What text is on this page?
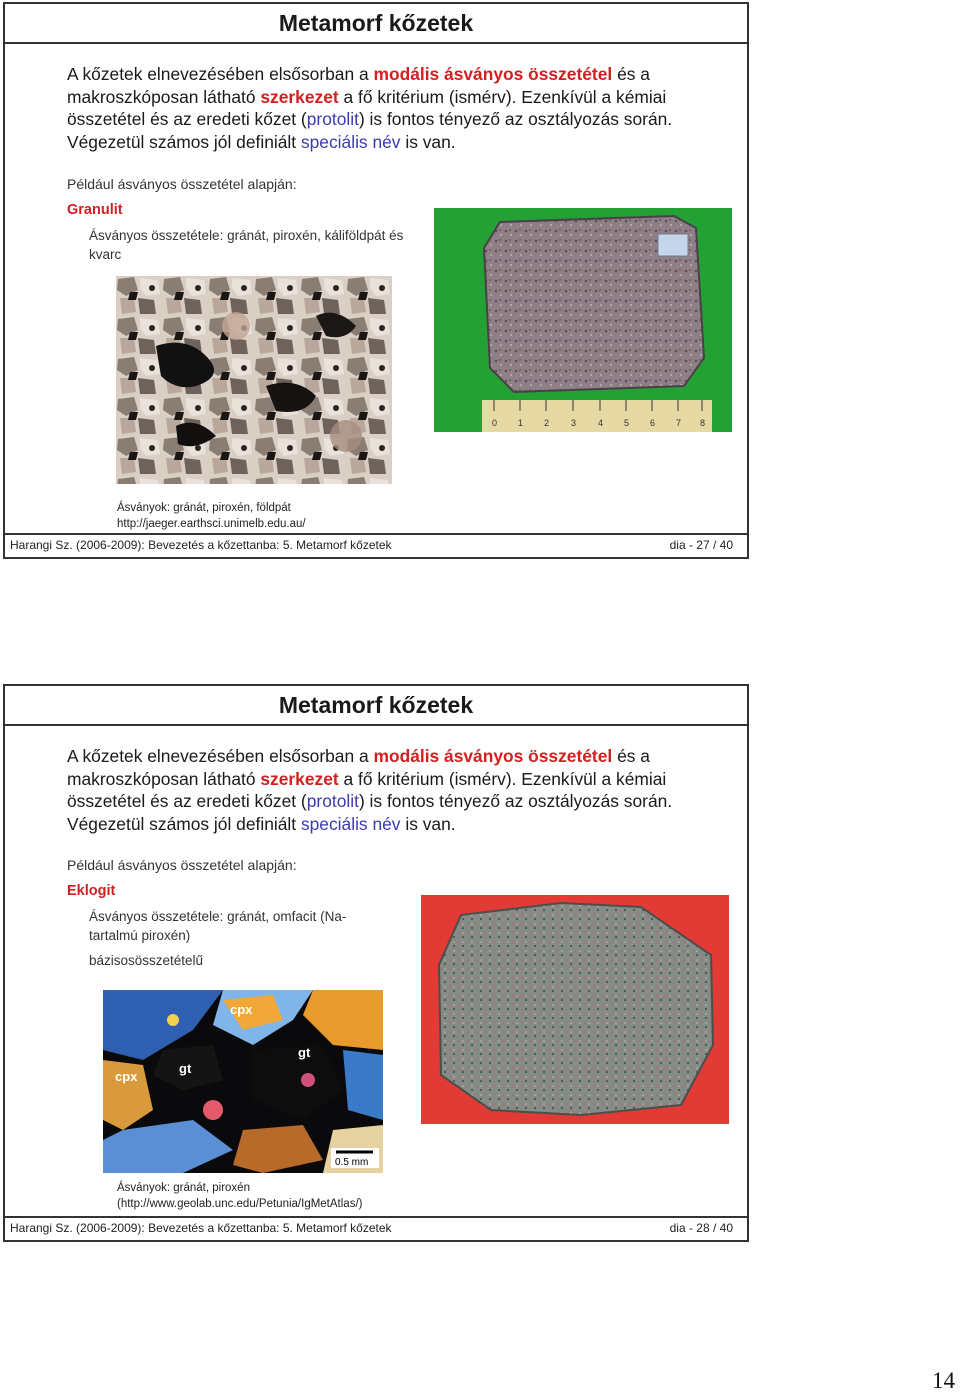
Metamorf kőzetek
A kőzetek elnevezésében elsősorban a modális ásványos összetétel és a makroszkóposan látható szerkezet a fő kritérium (ismérv). Ezenkívül a kémiai összetétel és az eredeti kőzet (protolit) is fontos tényező az osztályozás során. Végezetül számos jól definiált speciális név is van.
Például ásványos összetétel alapján:
Granulit
Ásványos összetétele: gránát, piroxén, káliföldpát és kvarc
0 1 2 3 4 5 6 7 8
Ásványok: gránát, piroxén, földpát
http://jaeger.earthsci.unimelb.edu.au/
Harangi Sz. (2006-2009): Bevezetés a kőzettanba: 5. Metamorf kőzetek	dia - 27 / 40
Metamorf kőzetek
A kőzetek elnevezésében elsősorban a modális ásványos összetétel és a makroszkóposan látható szerkezet a fő kritérium (ismérv). Ezenkívül a kémiai összetétel és az eredeti kőzet (protolit) is fontos tényező az osztályozás során. Végezetül számos jól definiált speciális név is van.
Például ásványos összetétel alapján:
Eklogit
Ásványos összetétele: gránát, omfacit (Na-tartalmú piroxén)
bázisosösszetételű
cpx
gt
gt
cpx
0.5 mm
Ásványok: gránát, piroxén
(http://www.geolab.unc.edu/Petunia/IgMetAtlas/)
Harangi Sz. (2006-2009): Bevezetés a kőzettanba: 5. Metamorf kőzetek	dia - 28 / 40
14
